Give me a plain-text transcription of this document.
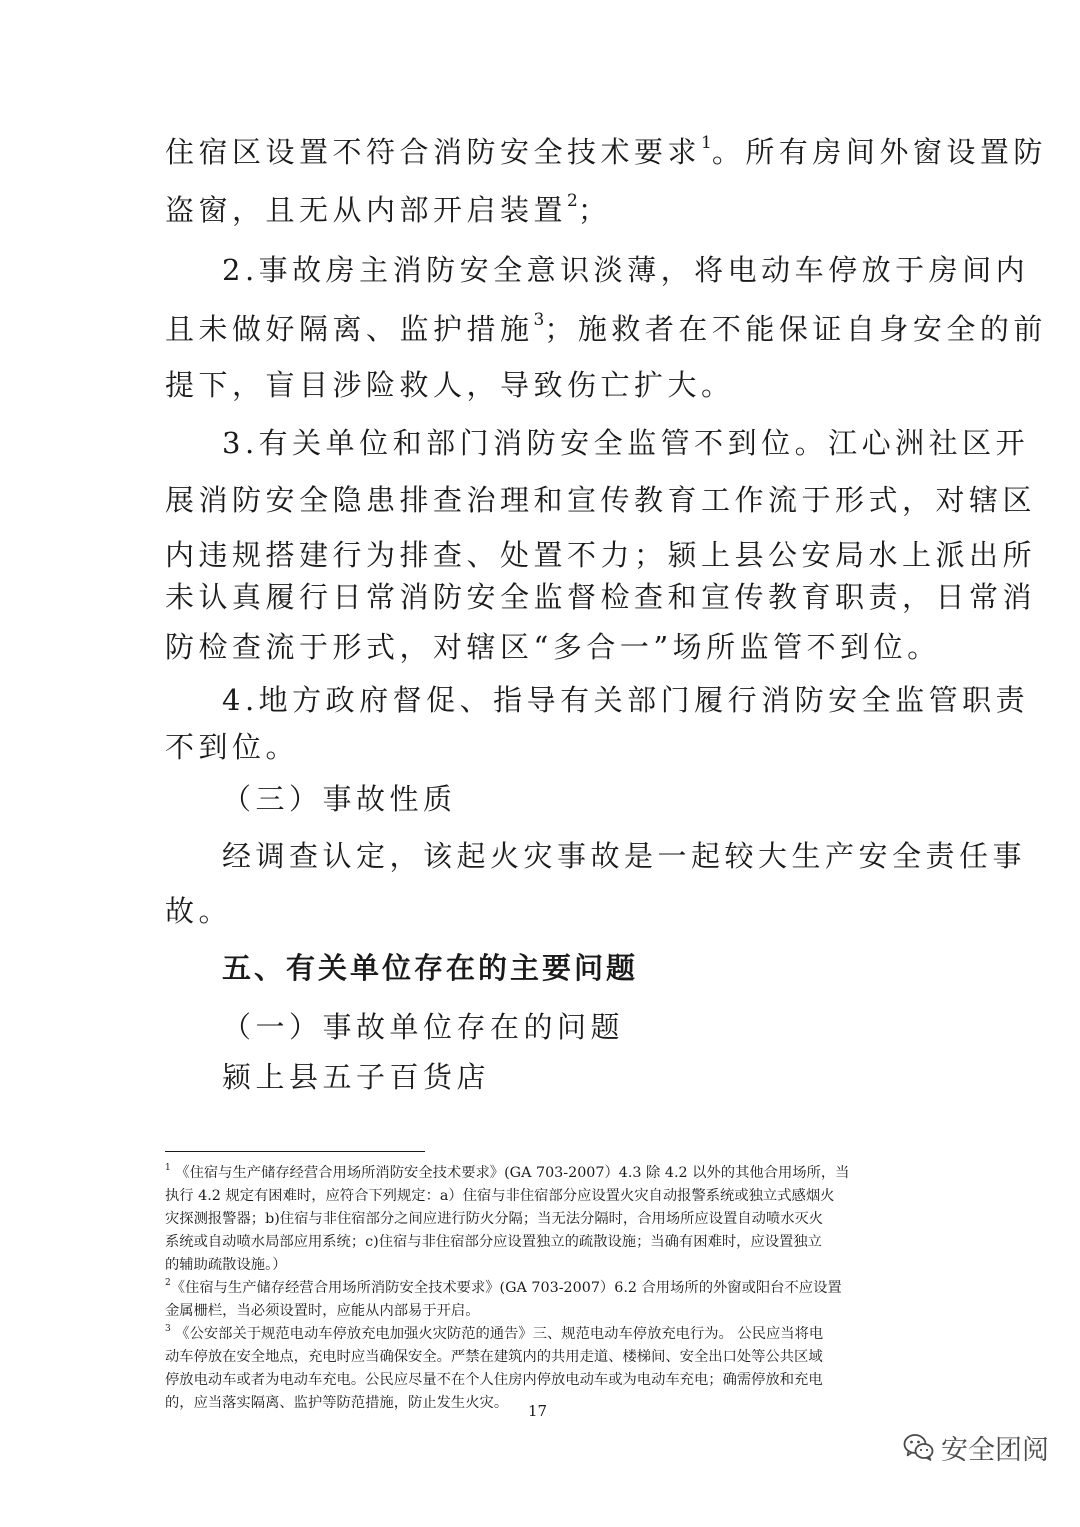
住宿区设置不符合消防安全技术要求$^1$。所有房间外窗设置防
盗窗，且无从内部开启装置$^2$；
2.事故房主消防安全意识淡薄，将电动车停放于房间内
且未做好隔离、监护措施$^3$；施救者在不能保证自身安全的前
提下，盲目涉险救人，导致伤亡扩大。
3.有关单位和部门消防安全监管不到位。江心洲社区开
展消防安全隐患排查治理和宣传教育工作流于形式，对辖区
内违规搭建行为排查、处置不力；颍上县公安局水上派出所
未认真履行日常消防安全监督检查和宣传教育职责，日常消
防检查流于形式，对辖区“多合一”场所监管不到位。
4.地方政府督促、指导有关部门履行消防安全监管职责
不到位。
（三）事故性质
经调查认定，该起火灾事故是一起较大生产安全责任事
故。
五、有关单位存在的主要问题
（一）事故单位存在的问题
颍上县五子百货店
$^1$ 《住宿与生产储存经营合用场所消防安全技术要求》(GA 703-2007）4.3 除 4.2 以外的其他合用场所，当
执行 4.2 规定有困难时，应符合下列规定：a）住宿与非住宿部分应设置火灾自动报警系统或独立式感烟火
灾探测报警器；b)住宿与非住宿部分之间应进行防火分隔；当无法分隔时，合用场所应设置自动喷水灭火
系统或自动喷水局部应用系统；c)住宿与非住宿部分应设置独立的疏散设施；当确有困难时，应设置独立
的辅助疏散设施。）
$^2$《住宿与生产储存经营合用场所消防安全技术要求》(GA 703-2007）6.2 合用场所的外窗或阳台不应设置
金属栅栏，当必须设置时，应能从内部易于开启。
$^3$ 《公安部关于规范电动车停放充电加强火灾防范的通告》三、规范电动车停放充电行为。 公民应当将电
动车停放在安全地点，充电时应当确保安全。严禁在建筑内的共用走道、楼梯间、安全出口处等公共区域
停放电动车或者为电动车充电。公民应尽量不在个人住房内停放电动车或为电动车充电；确需停放和充电
的，应当落实隔离、监护等防范措施，防止发生火灾。 17
安全团阅
